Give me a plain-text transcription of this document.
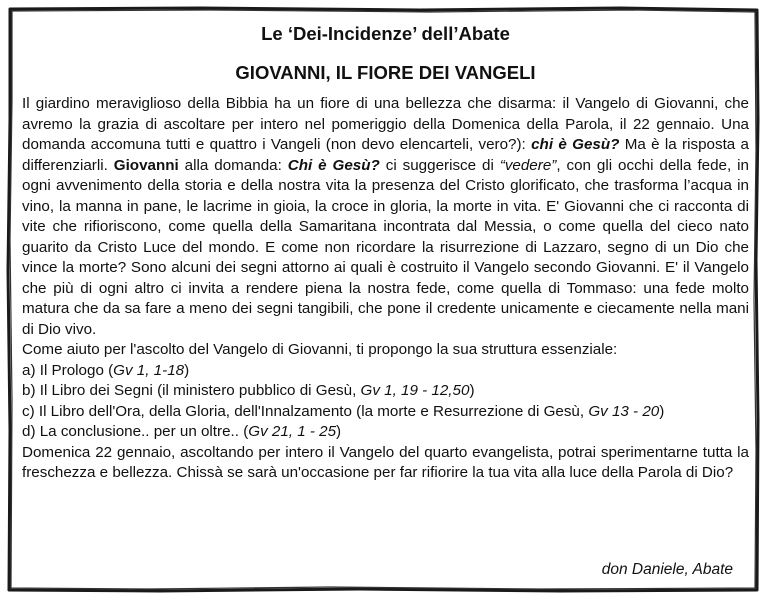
Le ‘Dei-Incidenze’ dell’Abate
GIOVANNI, IL FIORE DEI VANGELI

Il giardino meraviglioso della Bibbia ha un fiore di una bellezza che disarma: il Vangelo di Giovanni, che avremo la grazia di ascoltare per intero nel pomeriggio della Domenica della Parola, il 22 gennaio. Una domanda accomuna tutti e quattro i Vangeli (non devo elencarteli, vero?): chi è Gesù? Ma è la risposta a differenziarli. Giovanni alla domanda: Chi è Gesù? ci suggerisce di “vedere”, con gli occhi della fede, in ogni avvenimento della storia e della nostra vita la presenza del Cristo glorificato, che trasforma l’acqua in vino, la manna in pane, le lacrime in gioia, la croce in gloria, la morte in vita. E' Giovanni che ci racconta di vite che rifioriscono, come quella della Samaritana incontrata dal Messia, o come quella del cieco nato guarito da Cristo Luce del mondo. E come non ricordare la risurrezione di Lazzaro, segno di un Dio che vince la morte? Sono alcuni dei segni attorno ai quali è costruito il Vangelo secondo Giovanni. E' il Vangelo che più di ogni altro ci invita a rendere piena la nostra fede, come quella di Tommaso: una fede molto matura che da sa fare a meno dei segni tangibili, che pone il credente unicamente e ciecamente nella mani di Dio vivo.

Come aiuto per l'ascolto del Vangelo di Giovanni, ti propongo la sua struttura essenziale:

a) Il Prologo (Gv 1, 1-18)
b) Il Libro dei Segni (il ministero pubblico di Gesù, Gv 1, 19 - 12,50)
c) Il Libro dell'Ora, della Gloria, dell'Innalzamento (la morte e Resurrezione di Gesù, Gv 13 - 20)
d) La conclusione.. per un oltre.. (Gv 21, 1 - 25)

Domenica 22 gennaio, ascoltando per intero il Vangelo del quarto evangelista, potrai sperimentarne tutta la freschezza e bellezza. Chissà se sarà un'occasione per far rifiorire la tua vita alla luce della Parola di Dio?

don Daniele, Abate
